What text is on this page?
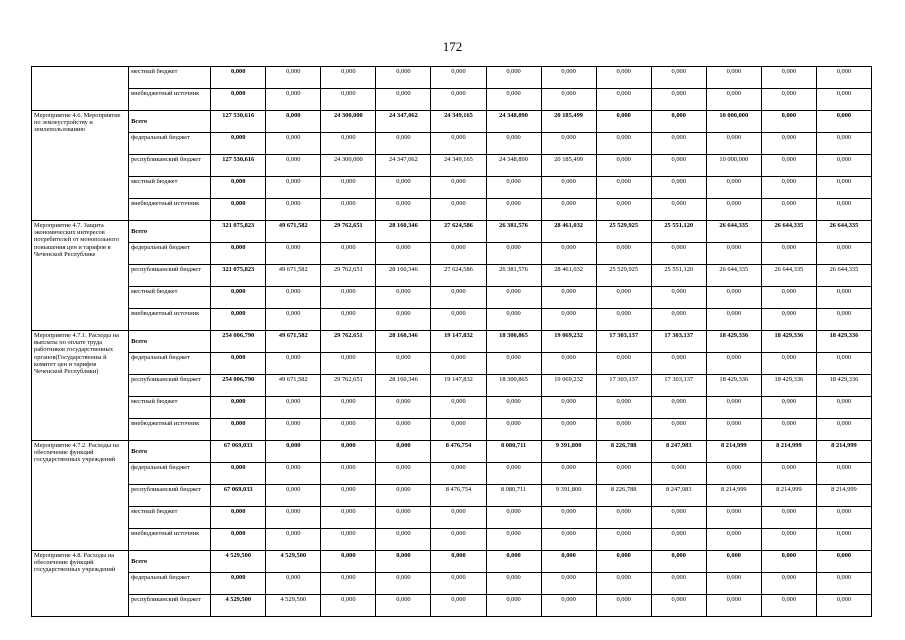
172
	местный бюджет	0,000	0,000	0,000	0,000	0,000	0,000	0,000	0,000	0,000	0,000	0,000	0,000
	внебюджетный источник	0,000	0,000	0,000	0,000	0,000	0,000	0,000	0,000	0,000	0,000	0,000	0,000
Мероприятие 4.6. Мероприятие по землеустройству и землепользованию	Всего	127 530,616	0,000	24 300,000	24 347,062	24 349,165	24 348,890	20 185,499	0,000	0,000	10 000,000	0,000	0,000
	федеральный бюджет	0,000	0,000	0,000	0,000	0,000	0,000	0,000	0,000	0,000	0,000	0,000	0,000
	республиканский бюджет	127 530,616	0,000	24 300,000	24 347,062	24 349,165	24 348,890	20 185,499	0,000	0,000	10 000,000	0,000	0,000
	местный бюджет	0,000	0,000	0,000	0,000	0,000	0,000	0,000	0,000	0,000	0,000	0,000	0,000
	внебюджетный источник	0,000	0,000	0,000	0,000	0,000	0,000	0,000	0,000	0,000	0,000	0,000	0,000
Мероприятие 4.7. Защита экономических интересов потребителей от монопольного повышения цен и тарифов в Чеченской Республике	Всего	321 075,823	49 671,582	29 762,651	28 160,346	27 624,586	26 381,576	28 461,032	25 529,925	25 551,120	26 644,335	26 644,335	26 644,335
	федеральный бюджет	0,000	0,000	0,000	0,000	0,000	0,000	0,000	0,000	0,000	0,000	0,000	0,000
	республиканский бюджет	321 075,823	49 671,582	29 762,651	28 160,346	27 624,586	26 381,576	28 461,032	25 529,925	25 551,120	26 644,335	26 644,335	26 644,335
	местный бюджет	0,000	0,000	0,000	0,000	0,000	0,000	0,000	0,000	0,000	0,000	0,000	0,000
	внебюджетный источник	0,000	0,000	0,000	0,000	0,000	0,000	0,000	0,000	0,000	0,000	0,000	0,000
Мероприятие 4.7.1. Расходы на выплаты по оплате труда работников государственных органов(Государственны й комитет цен и тарифов Чеченской Республики)	Всего	254 006,790	49 671,582	29 762,651	28 160,346	19 147,832	18 300,865	19 069,232	17 303,137	17 303,137	18 429,336	18 429,336	18 429,336
	федеральный бюджет	0,000	0,000	0,000	0,000	0,000	0,000	0,000	0,000	0,000	0,000	0,000	0,000
	республиканский бюджет	254 006,790	49 671,582	29 762,651	28 160,346	19 147,832	18 300,865	19 069,232	17 303,137	17 303,137	18 429,336	18 429,336	18 429,336
	местный бюджет	0,000	0,000	0,000	0,000	0,000	0,000	0,000	0,000	0,000	0,000	0,000	0,000
	внебюджетный источник	0,000	0,000	0,000	0,000	0,000	0,000	0,000	0,000	0,000	0,000	0,000	0,000
Мероприятие 4.7.2. Расходы на обеспечение функций государственных учреждений	Всего	67 069,033	0,000	0,000	0,000	8 476,754	8 080,711	9 391,800	8 226,788	8 247,983	8 214,999	8 214,999	8 214,999
	федеральный бюджет	0,000	0,000	0,000	0,000	0,000	0,000	0,000	0,000	0,000	0,000	0,000	0,000
	республиканский бюджет	67 069,033	0,000	0,000	0,000	8 476,754	8 080,711	9 391,800	8 226,788	8 247,983	8 214,999	8 214,999	8 214,999
	местный бюджет	0,000	0,000	0,000	0,000	0,000	0,000	0,000	0,000	0,000	0,000	0,000	0,000
	внебюджетный источник	0,000	0,000	0,000	0,000	0,000	0,000	0,000	0,000	0,000	0,000	0,000	0,000
Мероприятие 4.8. Расходы на обеспечение функций государственных учреждений	Всего	4 529,500	4 529,500	0,000	0,000	0,000	0,000	0,000	0,000	0,000	0,000	0,000	0,000
	федеральный бюджет	0,000	0,000	0,000	0,000	0,000	0,000	0,000	0,000	0,000	0,000	0,000	0,000
	республиканский бюджет	4 529,500	4 529,500	0,000	0,000	0,000	0,000	0,000	0,000	0,000	0,000	0,000	0,000
